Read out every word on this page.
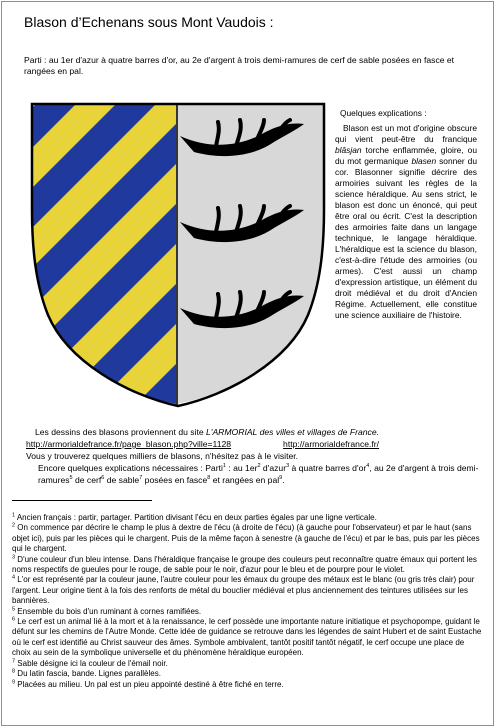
Blason d’Echenans sous Mont Vaudois :
Parti : au 1er d'azur à quatre barres d'or, au 2e d'argent à trois demi-ramures de cerf de sable posées en fasce et rangées en pal.
Quelques explications :
Blason est un mot d'origine obscure qui vient peut-être du francique blâsjan torche enflammée, gloire, ou du mot germanique blasen sonner du cor. Blasonner signifie décrire des armoiries suivant les règles de la science héraldique. Au sens strict, le blason est donc un énoncé, qui peut être oral ou écrit. C'est la description des armoiries faite dans un langage technique, le langage héraldique. L'héraldique est la science du blason, c'est-à-dire l'étude des armoiries (ou armes). C'est aussi un champ d'expression artistique, un élément du droit médiéval et du droit d'Ancien Régime. Actuellement, elle constitue une science auxiliaire de l'histoire.
Les dessins des blasons proviennent du site L'ARMORIAL des villes et villages de France.
http://armorialdefrance.fr/page_blason.php?ville=1128	http://armorialdefrance.fr/
Vous y trouverez quelques milliers de blasons, n'hésitez pas à le visiter.
Encore quelques explications nécessaires : Parti$^1$ : au $1er^2$ d'azur$^3$ à quatre barres $d'or^4$, au 2e d'argent à trois demi-ramures$^5$ de cerf$^6$ de sable$^7$ posées en fasce$^8$ et rangées en pal$^9$.

$^1$ Ancien français : partir, partager. Partition divisant l'écu en deux parties égales par une ligne verticale.

$^2$ On commence par décrire le champ le plus à dextre de l'écu (à droite de l'écu) (à gauche pour l'observateur) et par le haut (sans objet ici), puis par les pièces qui le chargent. Puis de la même façon à senestre (à gauche de l'écu) et par le bas, puis par les pièces qui le chargent.

$^3$ D'une couleur d'un bleu intense. Dans l'héraldique française le groupe des couleurs peut reconnaître quatre émaux qui portent les noms respectifs de gueules pour le rouge, de sable pour le noir, d'azur pour le bleu et de pourpre pour le violet.

$^4$ L'or est représenté par la couleur jaune, l'autre couleur pour les émaux du groupe des métaux est le blanc (ou gris très clair) pour l'argent. Leur origine tient à la fois des renforts de métal du bouclier médiéval et plus anciennement des teintures utilisées sur les bannières.

$^5$ Ensemble du bois d'un ruminant à cornes ramifiées.

$^6$ Le cerf est un animal lié à la mort et à la renaissance, le cerf possède une importante nature initiatique et psychopompe, guidant le défunt sur les chemins de l'Autre Monde. Cette idée de guidance se retrouve dans les légendes de saint Hubert et de saint Eustache où le cerf est identifié au Christ sauveur des âmes. Symbole ambivalent, tantôt positif tantôt négatif, le cerf occupe une place de choix au sein de la symbolique universelle et du phénomène héraldique européen.

$^7$ Sable désigne ici la couleur de l'émail noir.

$^8$ Du latin fascia, bande. Lignes parallèles.

$^9$ Placées au milieu. Un pal est un pieu appointé destiné à être fiché en terre.
